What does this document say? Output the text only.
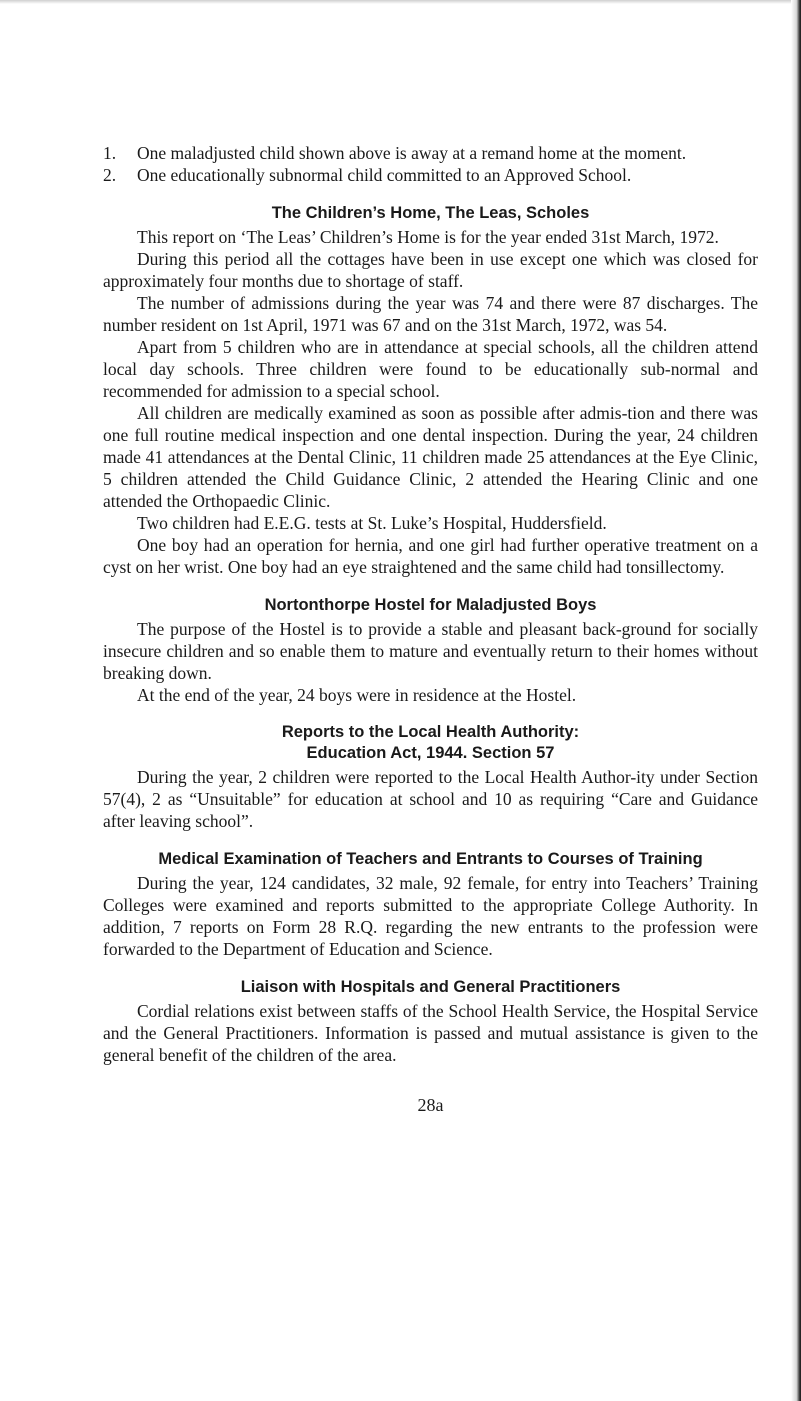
1.	One maladjusted child shown above is away at a remand home at the moment.
2.	One educationally subnormal child committed to an Approved School.
The Children’s Home, The Leas, Scholes

This report on ‘The Leas’ Children’s Home is for the year ended 31st March, 1972.

During this period all the cottages have been in use except one which was closed for approximately four months due to shortage of staff.

The number of admissions during the year was 74 and there were 87 discharges. The number resident on 1st April, 1971 was 67 and on the 31st March, 1972, was 54.

Apart from 5 children who are in attendance at special schools, all the children attend local day schools. Three children were found to be educationally sub-normal and recommended for admission to a special school.

All children are medically examined as soon as possible after admis-tion and there was one full routine medical inspection and one dental inspection. During the year, 24 children made 41 attendances at the Dental Clinic, 11 children made 25 attendances at the Eye Clinic, 5 children attended the Child Guidance Clinic, 2 attended the Hearing Clinic and one attended the Orthopaedic Clinic.

Two children had E.E.G. tests at St. Luke’s Hospital, Huddersfield.

One boy had an operation for hernia, and one girl had further operative treatment on a cyst on her wrist. One boy had an eye straightened and the same child had tonsillectomy.

Nortonthorpe Hostel for Maladjusted Boys

The purpose of the Hostel is to provide a stable and pleasant back-ground for socially insecure children and so enable them to mature and eventually return to their homes without breaking down.

At the end of the year, 24 boys were in residence at the Hostel.

Reports to the Local Health Authority:
Education Act, 1944. Section 57

During the year, 2 children were reported to the Local Health Author-ity under Section 57(4), 2 as “Unsuitable” for education at school and 10 as requiring “Care and Guidance after leaving school”.

Medical Examination of Teachers and Entrants to Courses of Training

During the year, 124 candidates, 32 male, 92 female, for entry into Teachers’ Training Colleges were examined and reports submitted to the appropriate College Authority. In addition, 7 reports on Form 28 R.Q. regarding the new entrants to the profession were forwarded to the Department of Education and Science.

Liaison with Hospitals and General Practitioners

Cordial relations exist between staffs of the School Health Service, the Hospital Service and the General Practitioners. Information is passed and mutual assistance is given to the general benefit of the children of the area.

28a
